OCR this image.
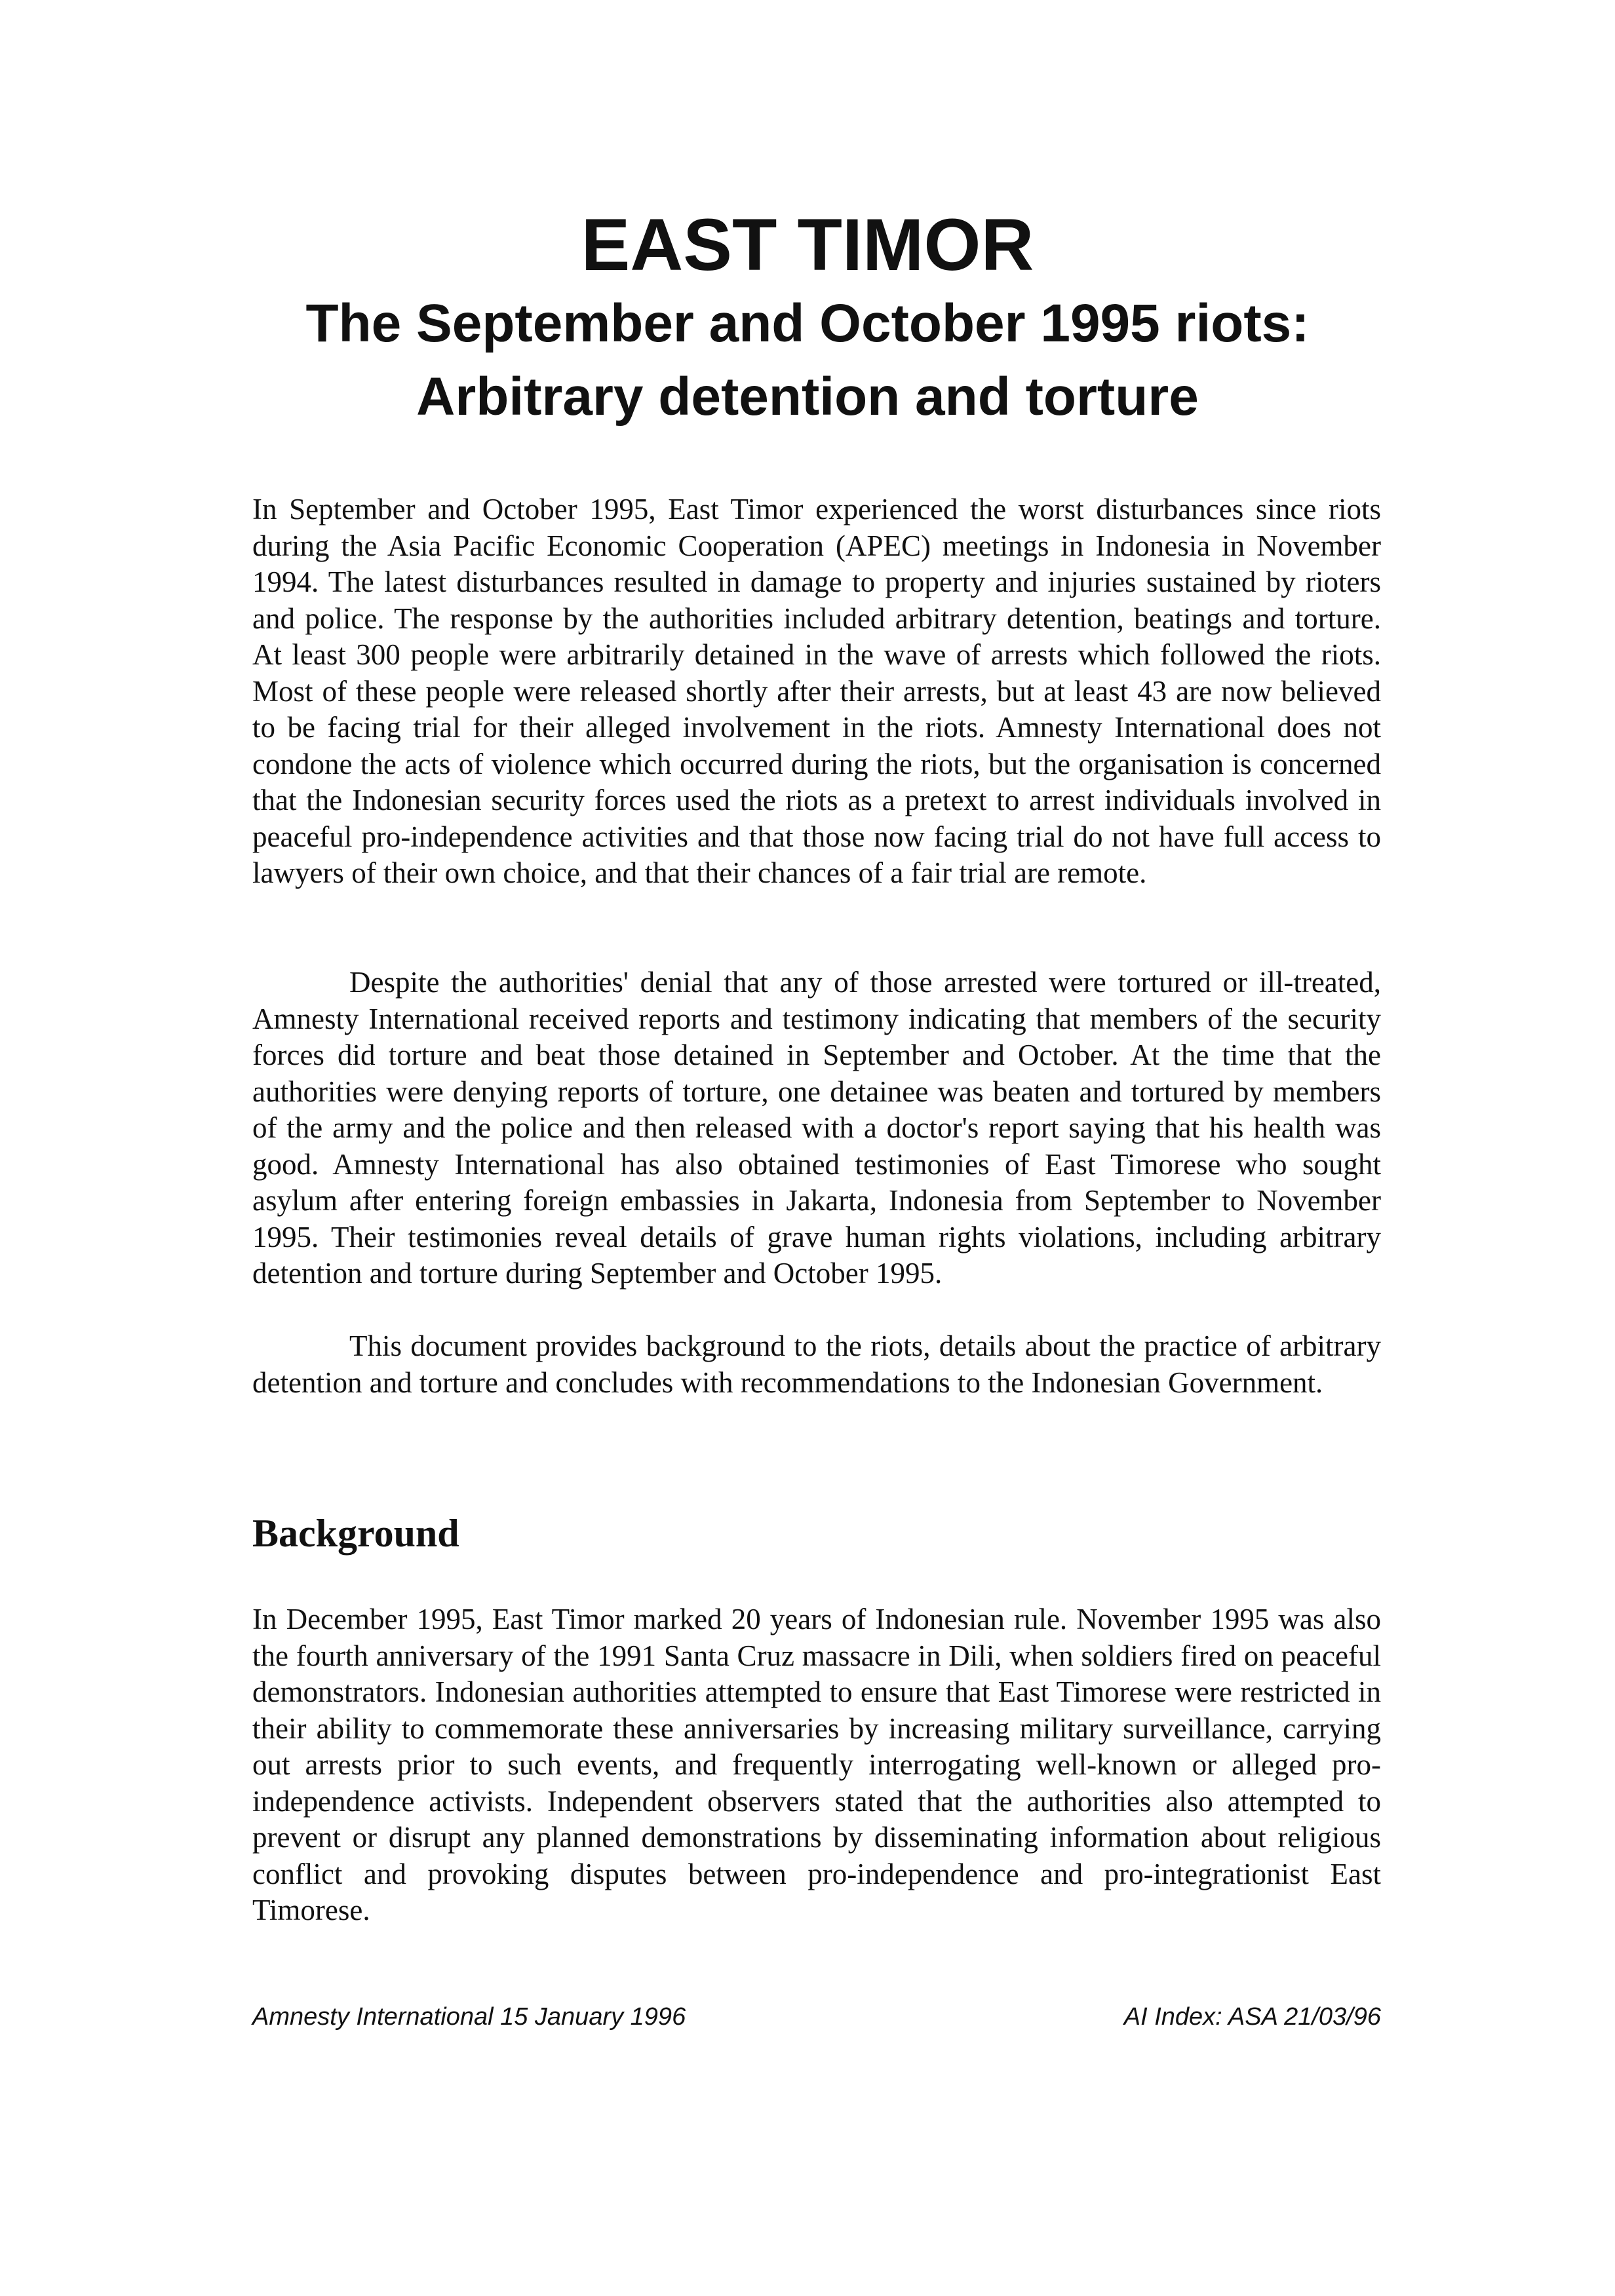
EAST TIMOR
The September and October 1995 riots:
Arbitrary detention and torture

In September and October 1995, East Timor experienced the worst disturbances since riots during the Asia Pacific Economic Cooperation (APEC) meetings in Indonesia in November 1994. The latest disturbances resulted in damage to property and injuries sustained by rioters and police. The response by the authorities included arbitrary detention, beatings and torture. At least 300 people were arbitrarily detained in the wave of arrests which followed the riots. Most of these people were released shortly after their arrests, but at least 43 are now believed to be facing trial for their alleged involvement in the riots. Amnesty International does not condone the acts of violence which occurred during the riots, but the organisation is concerned that the Indonesian security forces used the riots as a pretext to arrest individuals involved in peaceful pro-independence activities and that those now facing trial do not have full access to lawyers of their own choice, and that their chances of a fair trial are remote.

Despite the authorities' denial that any of those arrested were tortured or ill-treated, Amnesty International received reports and testimony indicating that members of the security forces did torture and beat those detained in September and October. At the time that the authorities were denying reports of torture, one detainee was beaten and tortured by members of the army and the police and then released with a doctor's report saying that his health was good. Amnesty International has also obtained testimonies of East Timorese who sought asylum after entering foreign embassies in Jakarta, Indonesia from September to November 1995. Their testimonies reveal details of grave human rights violations, including arbitrary detention and torture during September and October 1995.

This document provides background to the riots, details about the practice of arbitrary detention and torture and concludes with recommendations to the Indonesian Government.

Background

In December 1995, East Timor marked 20 years of Indonesian rule. November 1995 was also the fourth anniversary of the 1991 Santa Cruz massacre in Dili, when soldiers fired on peaceful demonstrators. Indonesian authorities attempted to ensure that East Timorese were restricted in their ability to commemorate these anniversaries by increasing military surveillance, carrying out arrests prior to such events, and frequently interrogating well-known or alleged pro-independence activists. Independent observers stated that the authorities also attempted to prevent or disrupt any planned demonstrations by disseminating information about religious conflict and provoking disputes between pro-independence and pro-integrationist East Timorese.

Amnesty International 15 January 1996	AI Index: ASA 21/03/96
